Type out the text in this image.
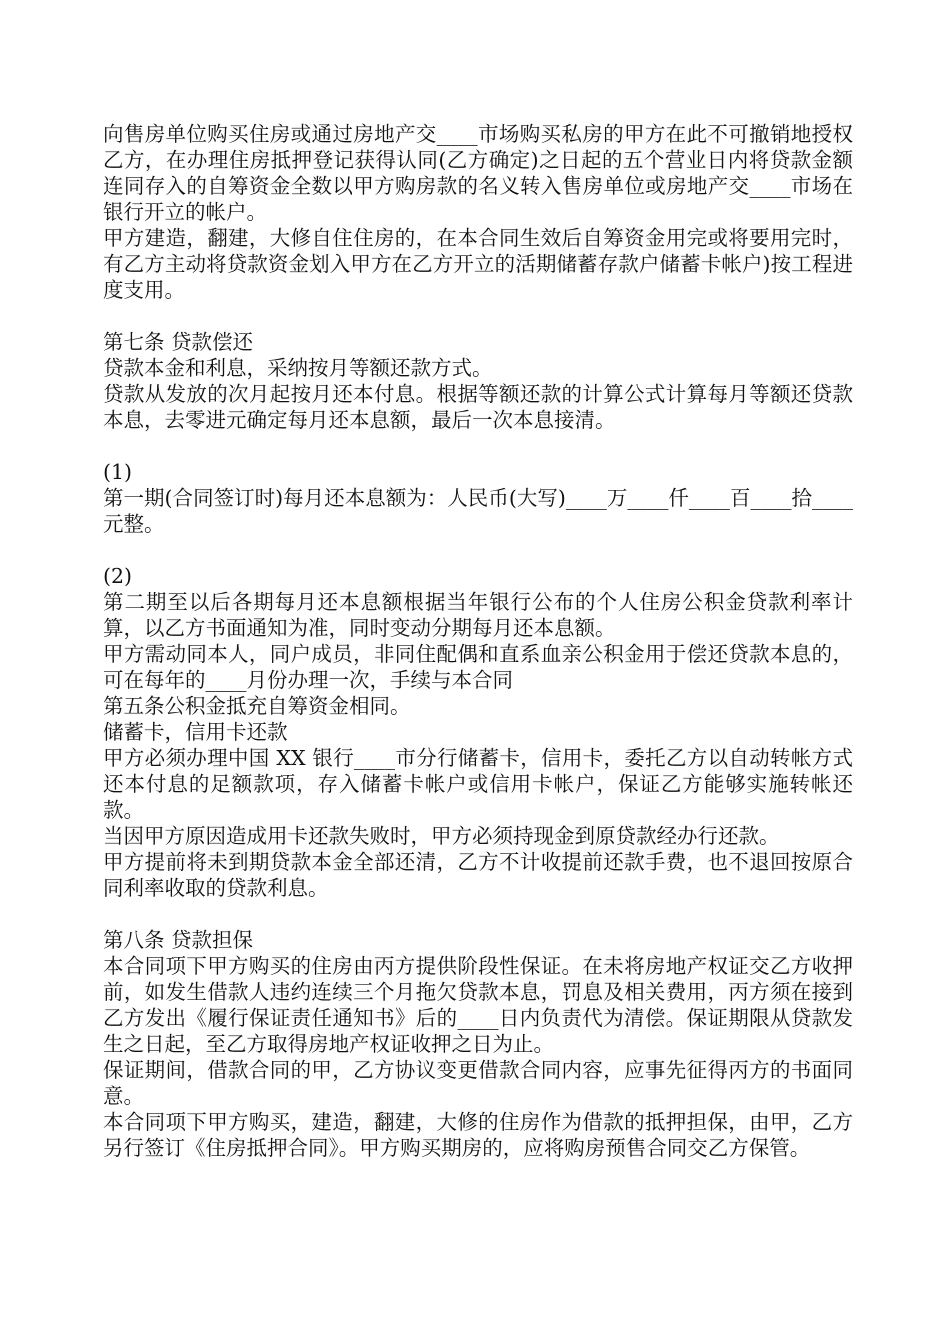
向售房单位购买住房或通过房地产交____市场购买私房的甲方在此不可撤销地授权乙方，在办理住房抵押登记获得认同(乙方确定)之日起的五个营业日内将贷款金额连同存入的自筹资金全数以甲方购房款的名义转入售房单位或房地产交____市场在银行开立的帐户。

甲方建造，翻建，大修自住住房的，在本合同生效后自筹资金用完或将要用完时，有乙方主动将贷款资金划入甲方在乙方开立的活期储蓄存款户储蓄卡帐户)按工程进度支用。

第七条 贷款偿还

贷款本金和利息，采纳按月等额还款方式。

贷款从发放的次月起按月还本付息。根据等额还款的计算公式计算每月等额还贷款本息，去零进元确定每月还本息额，最后一次本息接清。

(1)

第一期(合同签订时)每月还本息额为：人民币(大写)____万____仟____百____拾____元整。

(2)

第二期至以后各期每月还本息额根据当年银行公布的个人住房公积金贷款利率计算，以乙方书面通知为准，同时变动分期每月还本息额。

甲方需动同本人，同户成员，非同住配偶和直系血亲公积金用于偿还贷款本息的，可在每年的____月份办理一次，手续与本合同

第五条公积金抵充自筹资金相同。

储蓄卡，信用卡还款

甲方必须办理中国 XX 银行____市分行储蓄卡，信用卡，委托乙方以自动转帐方式还本付息的足额款项，存入储蓄卡帐户或信用卡帐户，保证乙方能够实施转帐还款。

当因甲方原因造成用卡还款失败时，甲方必须持现金到原贷款经办行还款。

甲方提前将未到期贷款本金全部还清，乙方不计收提前还款手费，也不退回按原合同利率收取的贷款利息。

第八条 贷款担保

本合同项下甲方购买的住房由丙方提供阶段性保证。在未将房地产权证交乙方收押前，如发生借款人违约连续三个月拖欠贷款本息，罚息及相关费用，丙方须在接到乙方发出《履行保证责任通知书》后的____日内负责代为清偿。保证期限从贷款发生之日起，至乙方取得房地产权证收押之日为止。

保证期间，借款合同的甲，乙方协议变更借款合同内容，应事先征得丙方的书面同意。

本合同项下甲方购买，建造，翻建，大修的住房作为借款的抵押担保，由甲，乙方另行签订《住房抵押合同》。甲方购买期房的，应将购房预售合同交乙方保管。
